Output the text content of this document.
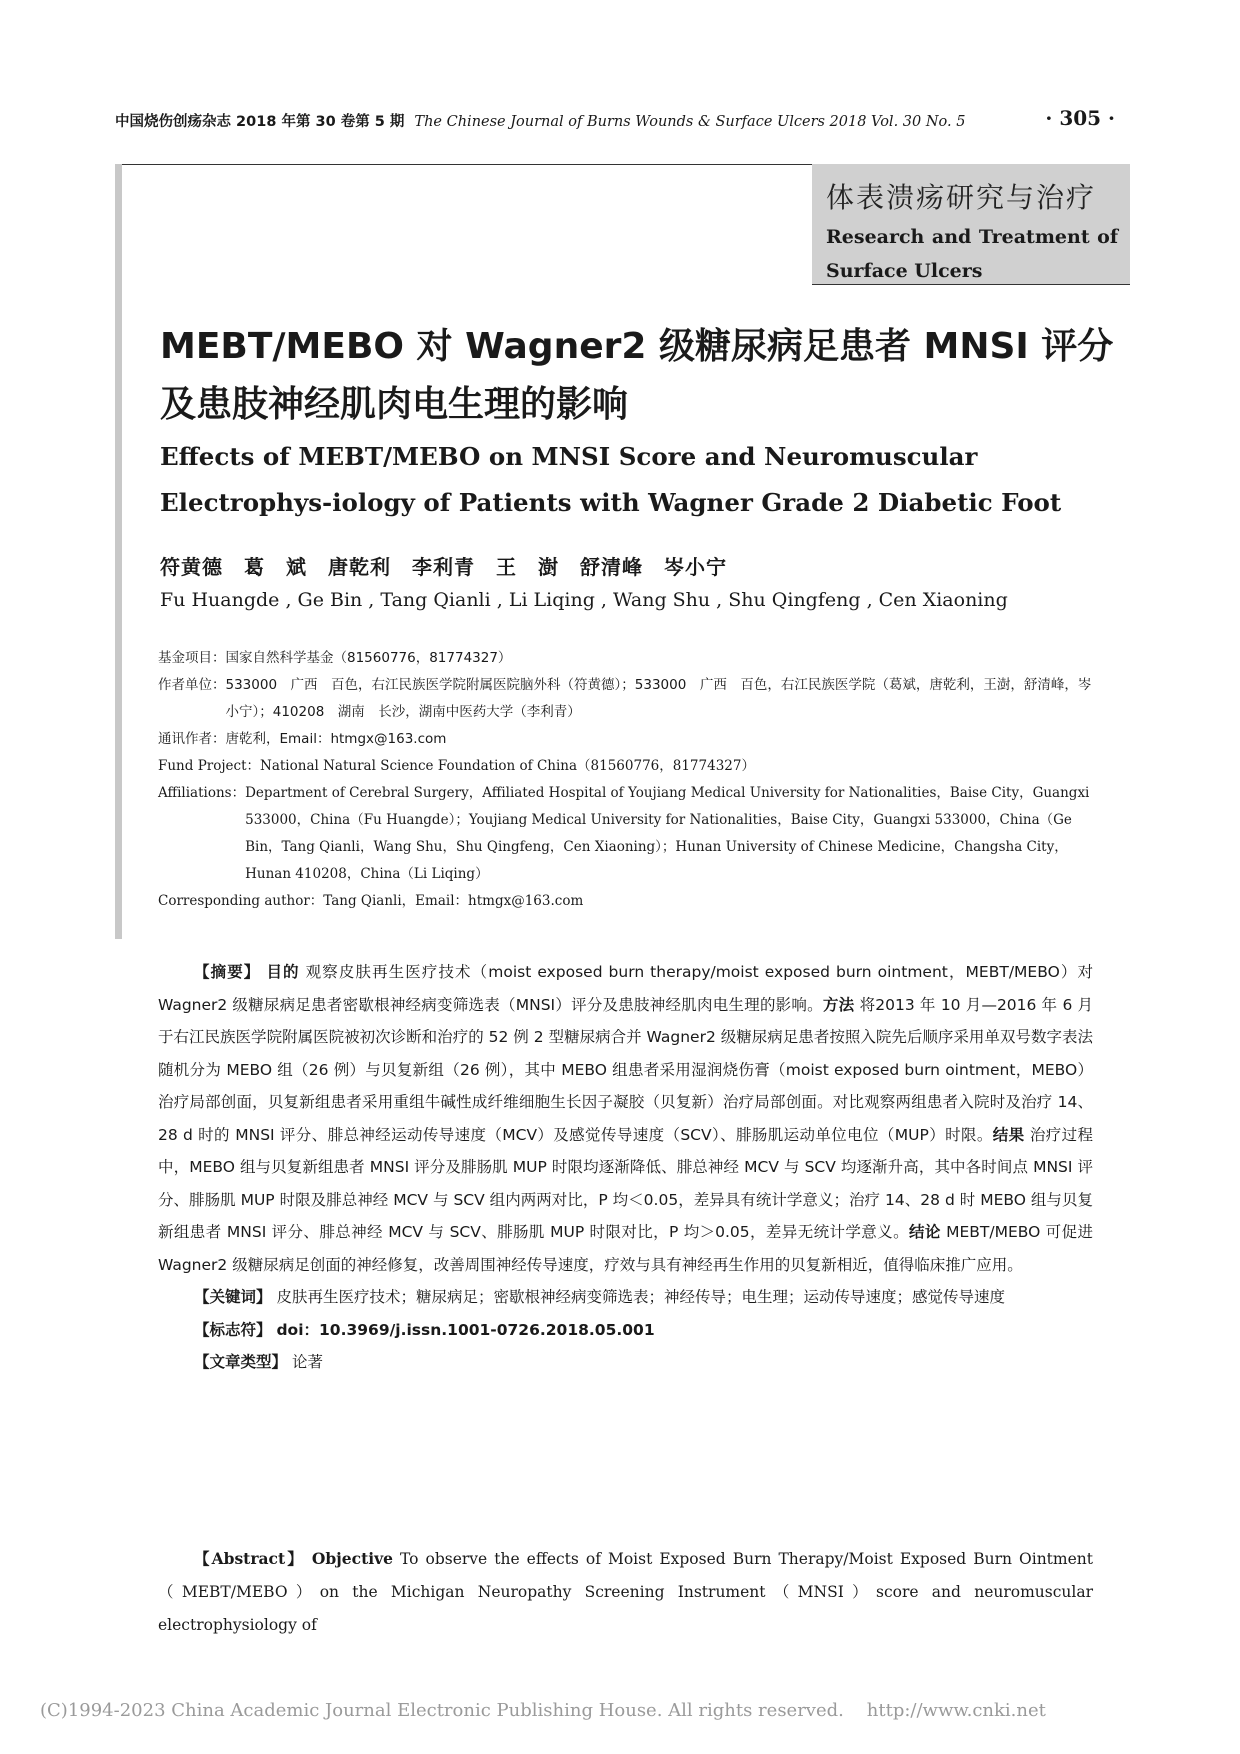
中国烧伤创疡杂志 2018 年第 30 卷第 5 期 The Chinese Journal of Burns Wounds & Surface Ulcers 2018 Vol. 30 No. 5	· 305 ·
体表溃疡研究与治疗
Research and Treatment of Surface Ulcers
MEBT/MEBO 对 Wagner2 级糖尿病足患者 MNSI 评分及患肢神经肌肉电生理的影响
Effects of MEBT/MEBO on MNSI Score and Neuromuscular Electrophys-iology of Patients with Wagner Grade 2 Diabetic Foot
符黄德　葛　斌　唐乾利　李利青　王　澍　舒清峰　岑小宁
Fu Huangde , Ge Bin , Tang Qianli , Li Liqing , Wang Shu , Shu Qingfeng , Cen Xiaoning
基金项目： 国家自然科学基金（81560776，81774327）
作者单位： 533000　广西　百色，右江民族医学院附属医院脑外科（符黄德）；533000　广西　百色，右江民族医学院（葛斌，唐乾利，王澍，舒清峰，岑小宁）；410208　湖南　长沙，湖南中医药大学（李利青）
通讯作者： 唐乾利，Email：htmgx@163.com
Fund Project： National Natural Science Foundation of China（81560776，81774327）
Affiliations： Department of Cerebral Surgery，Affiliated Hospital of Youjiang Medical University for Nationalities，Baise City，Guangxi 533000，China（Fu Huangde）；Youjiang Medical University for Nationalities，Baise City，Guangxi 533000，China（Ge Bin，Tang Qianli，Wang Shu，Shu Qingfeng，Cen Xiaoning）；Hunan University of Chinese Medicine，Changsha City，Hunan 410208，China（Li Liqing）
Corresponding author： Tang Qianli，Email：htmgx@163.com

【摘要】 目的 观察皮肤再生医疗技术（moist exposed burn therapy/moist exposed burn ointment，MEBT/MEBO）对 Wagner2 级糖尿病足患者密歇根神经病变筛选表（MNSI）评分及患肢神经肌肉电生理的影响。方法 将2013 年 10 月—2016 年 6 月于右江民族医学院附属医院被初次诊断和治疗的 52 例 2 型糖尿病合并 Wagner2 级糖尿病足患者按照入院先后顺序采用单双号数字表法随机分为 MEBO 组（26 例）与贝复新组（26 例），其中 MEBO 组患者采用湿润烧伤膏（moist exposed burn ointment，MEBO）治疗局部创面，贝复新组患者采用重组牛碱性成纤维细胞生长因子凝胶（贝复新）治疗局部创面。对比观察两组患者入院时及治疗 14、28 d 时的 MNSI 评分、腓总神经运动传导速度（MCV）及感觉传导速度（SCV）、腓肠肌运动单位电位（MUP）时限。结果 治疗过程中，MEBO 组与贝复新组患者 MNSI 评分及腓肠肌 MUP 时限均逐渐降低、腓总神经 MCV 与 SCV 均逐渐升高，其中各时间点 MNSI 评分、腓肠肌 MUP 时限及腓总神经 MCV 与 SCV 组内两两对比，P 均＜0.05，差异具有统计学意义；治疗 14、28 d 时 MEBO 组与贝复新组患者 MNSI 评分、腓总神经 MCV 与 SCV、腓肠肌 MUP 时限对比，P 均＞0.05，差异无统计学意义。结论 MEBT/MEBO 可促进 Wagner2 级糖尿病足创面的神经修复，改善周围神经传导速度，疗效与具有神经再生作用的贝复新相近，值得临床推广应用。

【关键词】 皮肤再生医疗技术；糖尿病足；密歇根神经病变筛选表；神经传导；电生理；运动传导速度；感觉传导速度

【标志符】 doi：10.3969/j.issn.1001-0726.2018.05.001

【文章类型】 论著

【Abstract】 Objective To observe the effects of Moist Exposed Burn Therapy/Moist Exposed Burn Ointment（MEBT/MEBO）on the Michigan Neuropathy Screening Instrument（MNSI）score and neuromuscular electrophysiology of
(C)1994-2023 China Academic Journal Electronic Publishing House. All rights reserved.    http://www.cnki.net
